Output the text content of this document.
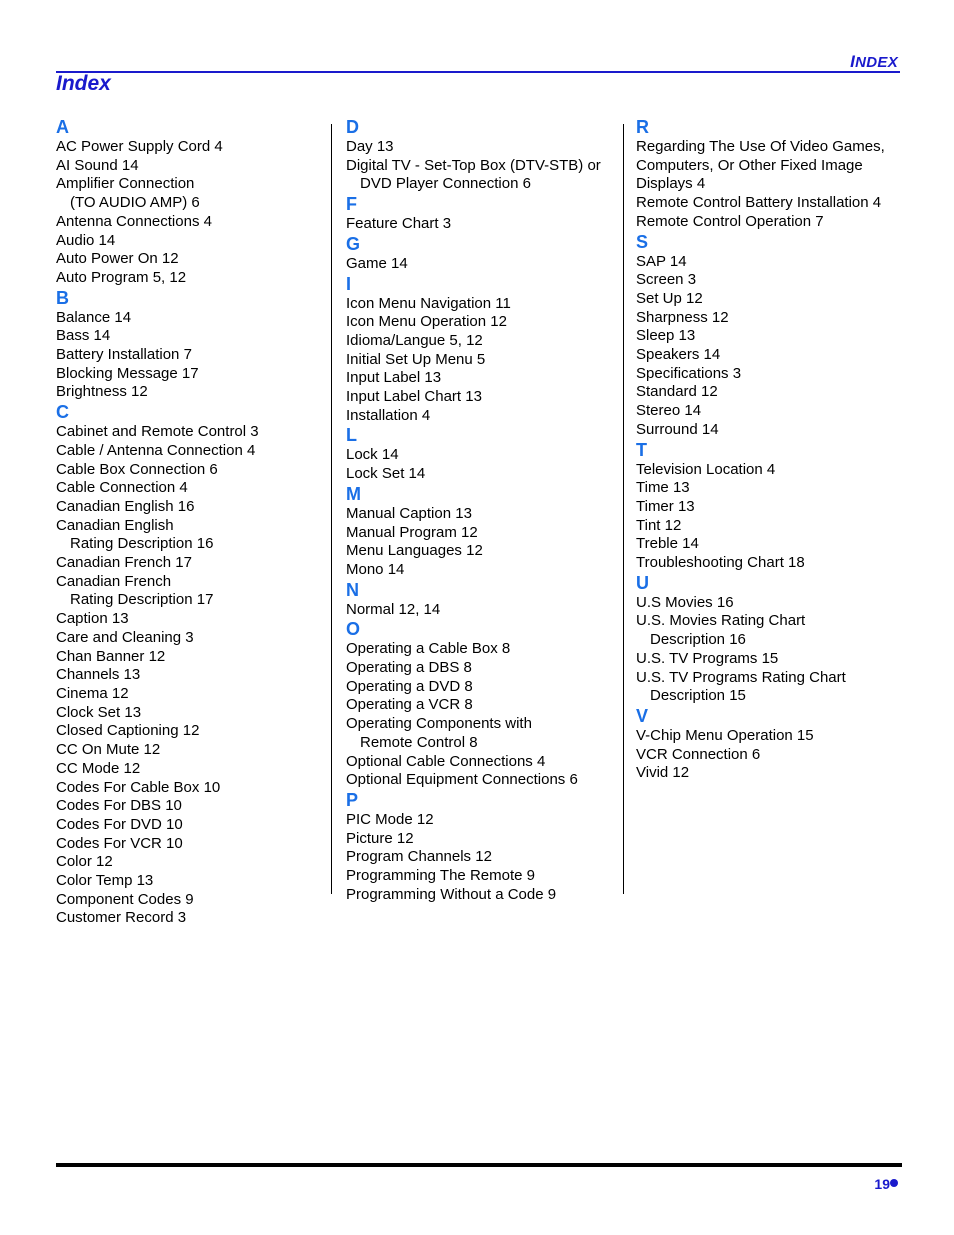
INDEX
Index
A
AC Power Supply Cord 4
AI Sound 14
Amplifier Connection
(TO AUDIO AMP) 6
Antenna Connections 4
Audio 14
Auto Power On 12
Auto Program 5, 12
B
Balance 14
Bass 14
Battery Installation 7
Blocking Message 17
Brightness 12
C
Cabinet and Remote Control 3
Cable / Antenna Connection 4
Cable Box Connection 6
Cable Connection 4
Canadian English 16
Canadian English
Rating Description 16
Canadian French 17
Canadian French
Rating Description 17
Caption 13
Care and Cleaning 3
Chan Banner 12
Channels 13
Cinema 12
Clock Set 13
Closed Captioning 12
CC On Mute 12
CC Mode 12
Codes For Cable Box 10
Codes For DBS 10
Codes For DVD 10
Codes For VCR 10
Color 12
Color Temp 13
Component Codes 9
Customer Record 3
D
Day 13
Digital TV - Set-Top Box (DTV-STB) or
DVD Player Connection 6
F
Feature Chart 3
G
Game 14
I
Icon Menu Navigation 11
Icon Menu Operation 12
Idioma/Langue 5, 12
Initial Set Up Menu 5
Input Label 13
Input Label Chart 13
Installation 4
L
Lock 14
Lock Set 14
M
Manual Caption 13
Manual Program 12
Menu Languages 12
Mono 14
N
Normal 12, 14
O
Operating a Cable Box 8
Operating a DBS 8
Operating a DVD 8
Operating a VCR 8
Operating Components with
Remote Control 8
Optional Cable Connections 4
Optional Equipment Connections 6
P
PIC Mode 12
Picture 12
Program Channels 12
Programming The Remote 9
Programming Without a Code 9
R
Regarding The Use Of Video Games,
Computers, Or Other Fixed Image
Displays 4
Remote Control Battery Installation 4
Remote Control Operation 7
S
SAP 14
Screen 3
Set Up 12
Sharpness 12
Sleep 13
Speakers 14
Specifications 3
Standard 12
Stereo 14
Surround 14
T
Television Location 4
Time 13
Timer 13
Tint 12
Treble 14
Troubleshooting Chart 18
U
U.S Movies 16
U.S. Movies Rating Chart
Description 16
U.S. TV Programs 15
U.S. TV Programs Rating Chart
Description 15
V
V-Chip Menu Operation 15
VCR Connection 6
Vivid 12
19
